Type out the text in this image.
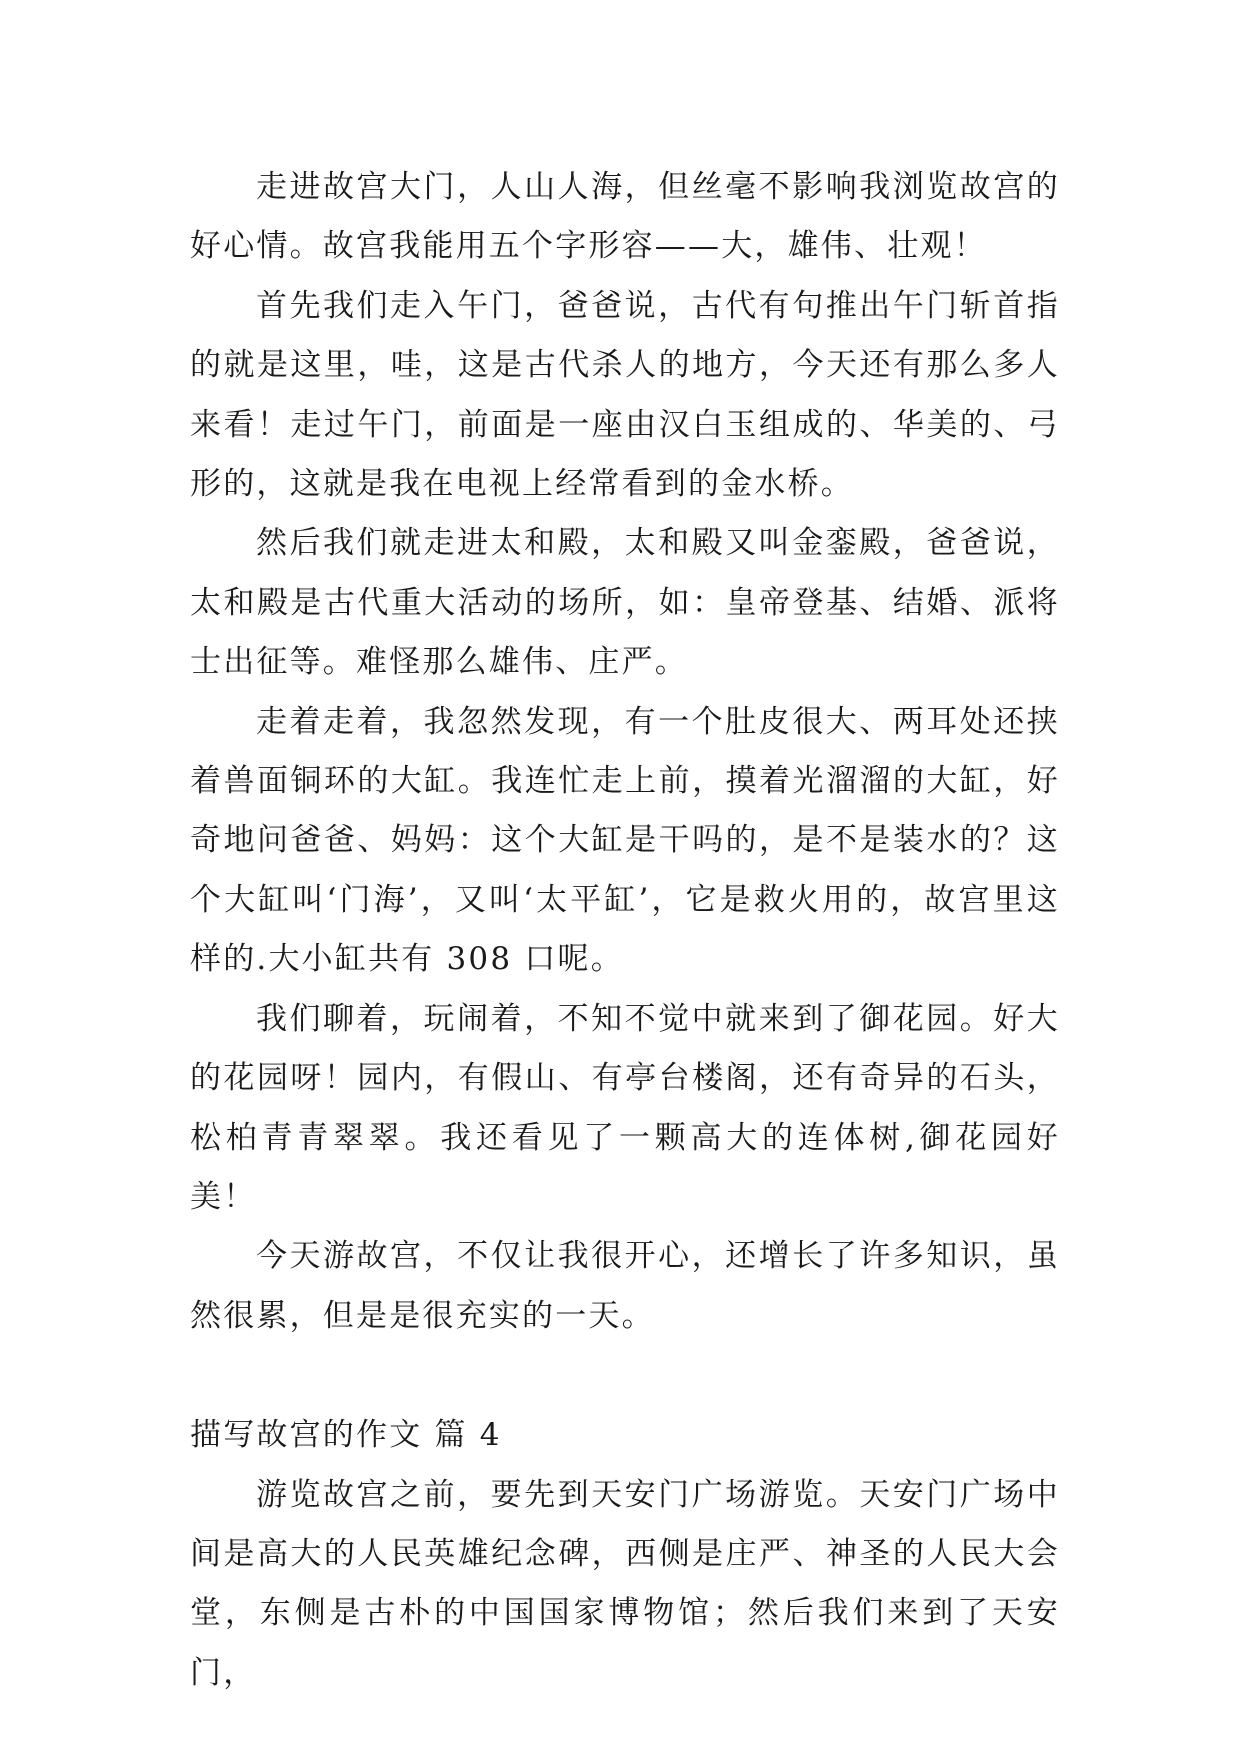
走进故宫大门，人山人海，但丝毫不影响我浏览故宫的好心情。故宫我能用五个字形容——大，雄伟、壮观！

首先我们走入午门，爸爸说，古代有句推出午门斩首指的就是这里，哇，这是古代杀人的地方，今天还有那么多人来看！走过午门，前面是一座由汉白玉组成的、华美的、弓形的，这就是我在电视上经常看到的金水桥。

然后我们就走进太和殿，太和殿又叫金銮殿，爸爸说，太和殿是古代重大活动的场所，如：皇帝登基、结婚、派将士出征等。难怪那么雄伟、庄严。

走着走着，我忽然发现，有一个肚皮很大、两耳处还挟着兽面铜环的大缸。我连忙走上前，摸着光溜溜的大缸，好奇地问爸爸、妈妈：这个大缸是干吗的，是不是装水的？这个大缸叫‘门海’，又叫‘太平缸’，它是救火用的，故宫里这样的.大小缸共有 308 口呢。

我们聊着，玩闹着，不知不觉中就来到了御花园。好大的花园呀！园内，有假山、有亭台楼阁，还有奇异的石头，松柏青青翠翠。我还看见了一颗高大的连体树,御花园好美！

今天游故宫，不仅让我很开心，还增长了许多知识，虽然很累，但是是很充实的一天。

描写故宫的作文 篇 4

游览故宫之前，要先到天安门广场游览。天安门广场中间是高大的人民英雄纪念碑，西侧是庄严、神圣的人民大会堂，东侧是古朴的中国国家博物馆；然后我们来到了天安门，
